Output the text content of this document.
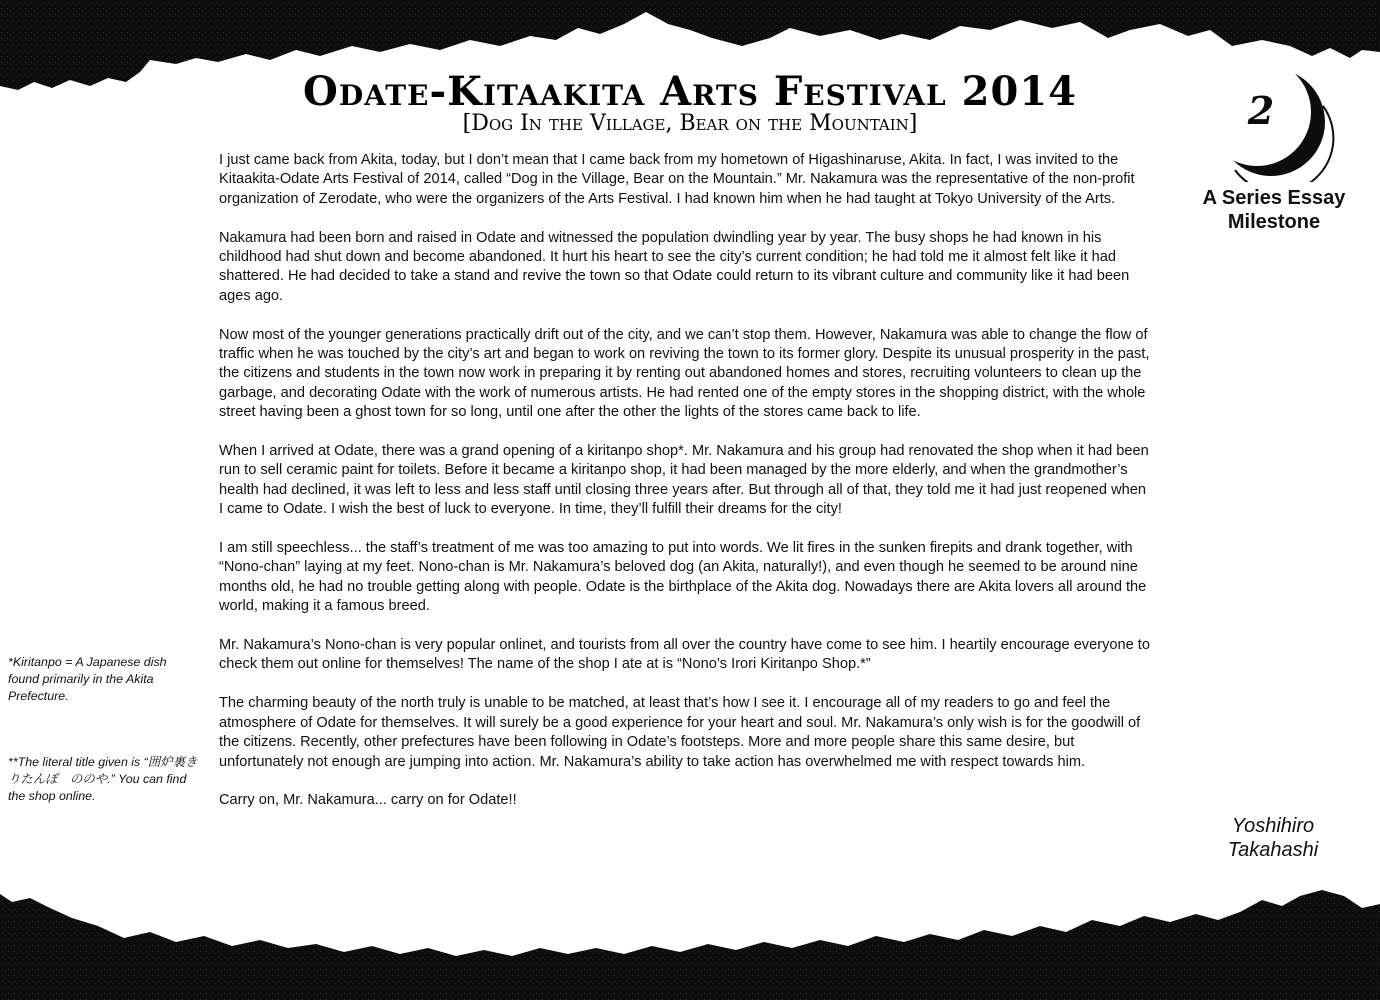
Odate-Kitaakita Arts Festival 2014
[Dog In the Village, Bear on the Mountain]	2
A Series Essay Milestone

I just came back from Akita, today, but I don’t mean that I came back from my hometown of Higashinaruse, Akita. In fact, I was invited to the Kitaakita-Odate Arts Festival of 2014, called “Dog in the Village, Bear on the Mountain.” Mr. Nakamura was the representative of the non-profit organization of Zerodate, who were the organizers of the Arts Festival. I had known him when he had taught at Tokyo University of the Arts.

Nakamura had been born and raised in Odate and witnessed the population dwindling year by year. The busy shops he had known in his childhood had shut down and become abandoned. It hurt his heart to see the city’s current condition; he had told me it almost felt like it had shattered. He had decided to take a stand and revive the town so that Odate could return to its vibrant culture and community like it had been ages ago.

Now most of the younger generations practically drift out of the city, and we can’t stop them. However, Nakamura was able to change the flow of traffic when he was touched by the city’s art and began to work on reviving the town to its former glory. Despite its unusual prosperity in the past, the citizens and students in the town now work in preparing it by renting out abandoned homes and stores, recruiting volunteers to clean up the garbage, and decorating Odate with the work of numerous artists. He had rented one of the empty stores in the shopping district, with the whole street having been a ghost town for so long, until one after the other the lights of the stores came back to life.

When I arrived at Odate, there was a grand opening of a kiritanpo shop*. Mr. Nakamura and his group had renovated the shop when it had been run to sell ceramic paint for toilets. Before it became a kiritanpo shop, it had been managed by the more elderly, and when the grandmother’s health had declined, it was left to less and less staff until closing three years after. But through all of that, they told me it had just reopened when I came to Odate. I wish the best of luck to everyone. In time, they’ll fulfill their dreams for the city!

I am still speechless... the staff’s treatment of me was too amazing to put into words. We lit fires in the sunken firepits and drank together, with “Nono-chan” laying at my feet. Nono-chan is Mr. Nakamura’s beloved dog (an Akita, naturally!), and even though he seemed to be around nine months old, he had no trouble getting along with people. Odate is the birthplace of the Akita dog. Nowadays there are Akita lovers all around the world, making it a famous breed.

Mr. Nakamura’s Nono-chan is very popular onlinet, and tourists from all over the country have come to see him. I heartily encourage everyone to check them out online for themselves! The name of the shop I ate at is “Nono’s Irori Kiritanpo Shop.*”

The charming beauty of the north truly is unable to be matched, at least that’s how I see it. I encourage all of my readers to go and feel the atmosphere of Odate for themselves. It will surely be a good experience for your heart and soul. Mr. Nakamura’s only wish is for the goodwill of the citizens. Recently, other prefectures have been following in Odate’s footsteps. More and more people share this same desire, but unfortunately not enough are jumping into action. Mr. Nakamura’s ability to take action has overwhelmed me with respect towards him.

Carry on, Mr. Nakamura... carry on for Odate!!

*Kiritanpo = A Japanese dish found primarily in the Akita Prefecture.
**The literal title given is “囲炉裏きりたんぽ　ののや.” You can find the shop online.
Yoshihiro Takahashi
